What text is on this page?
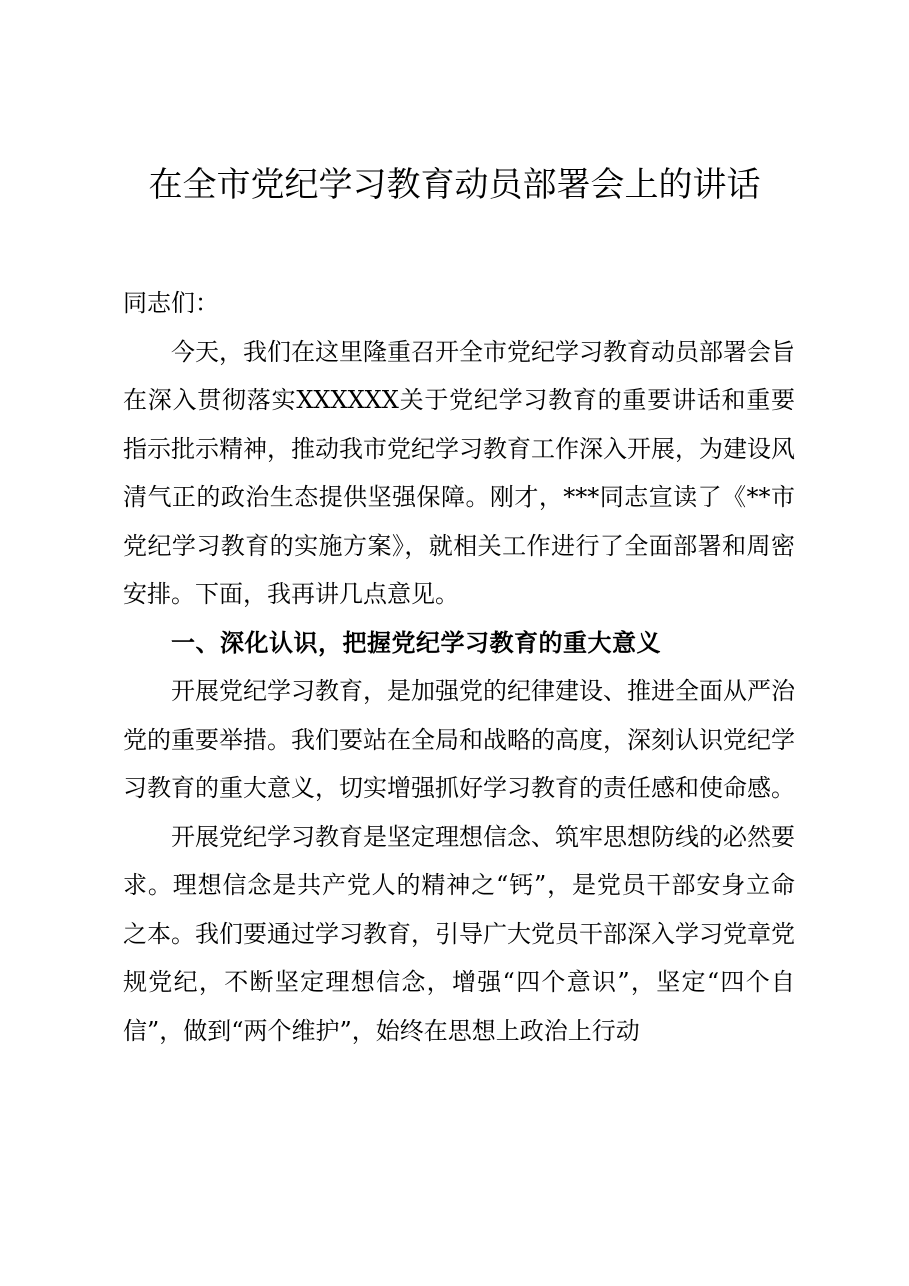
在全市党纪学习教育动员部署会上的讲话

同志们：

今天，我们在这里隆重召开全市党纪学习教育动员部署会旨在深入贯彻落实XXXXXX关于党纪学习教育的重要讲话和重要指示批示精神，推动我市党纪学习教育工作深入开展，为建设风清气正的政治生态提供坚强保障。刚才，***同志宣读了《**市党纪学习教育的实施方案》，就相关工作进行了全面部署和周密安排。下面，我再讲几点意见。

一、深化认识，把握党纪学习教育的重大意义

开展党纪学习教育，是加强党的纪律建设、推进全面从严治党的重要举措。我们要站在全局和战略的高度，深刻认识党纪学习教育的重大意义，切实增强抓好学习教育的责任感和使命感。

开展党纪学习教育是坚定理想信念、筑牢思想防线的必然要求。理想信念是共产党人的精神之“钙”，是党员干部安身立命之本。我们要通过学习教育，引导广大党员干部深入学习党章党规党纪，不断坚定理想信念，增强“四个意识”，坚定“四个自信”，做到“两个维护”，始终在思想上政治上行动
